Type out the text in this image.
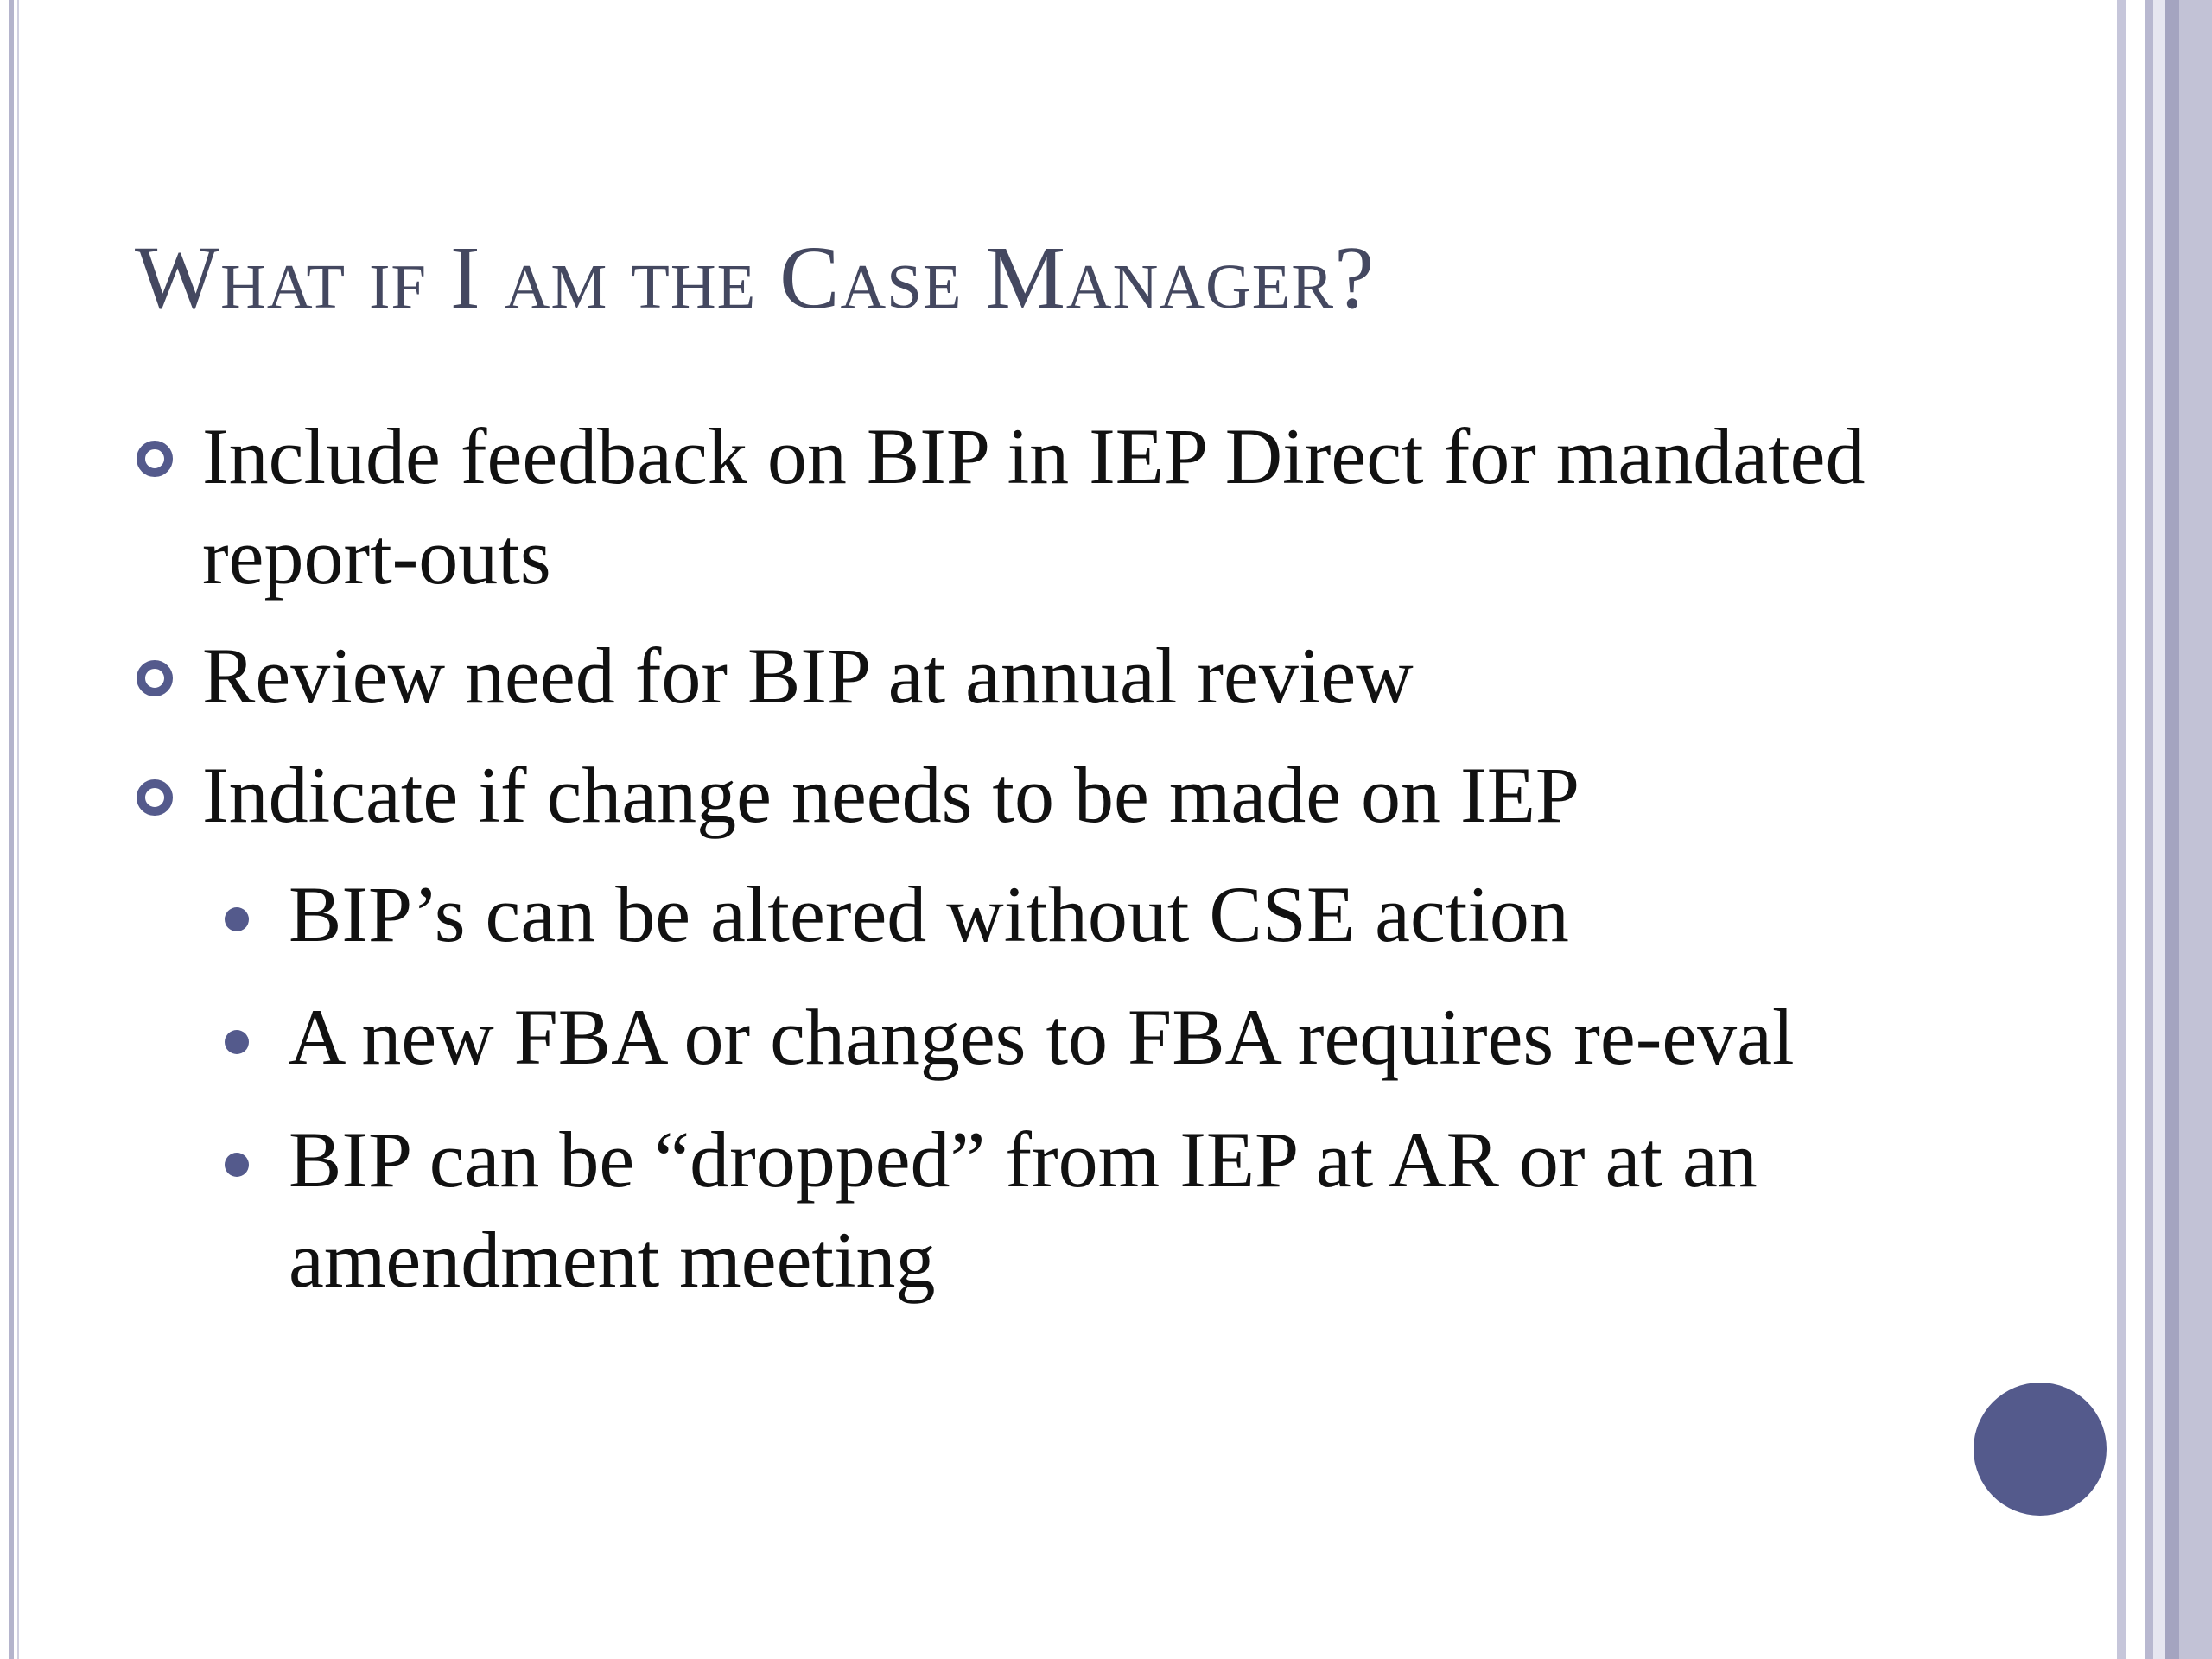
What if I am the Case Manager?
Include feedback on BIP in IEP Direct for mandated report-outs
Review need for BIP at annual review
Indicate if change needs to be made on IEP
BIP’s can be altered without CSE action
A new FBA or changes to FBA requires re-eval
BIP can be “dropped” from IEP at AR or at an amendment meeting
